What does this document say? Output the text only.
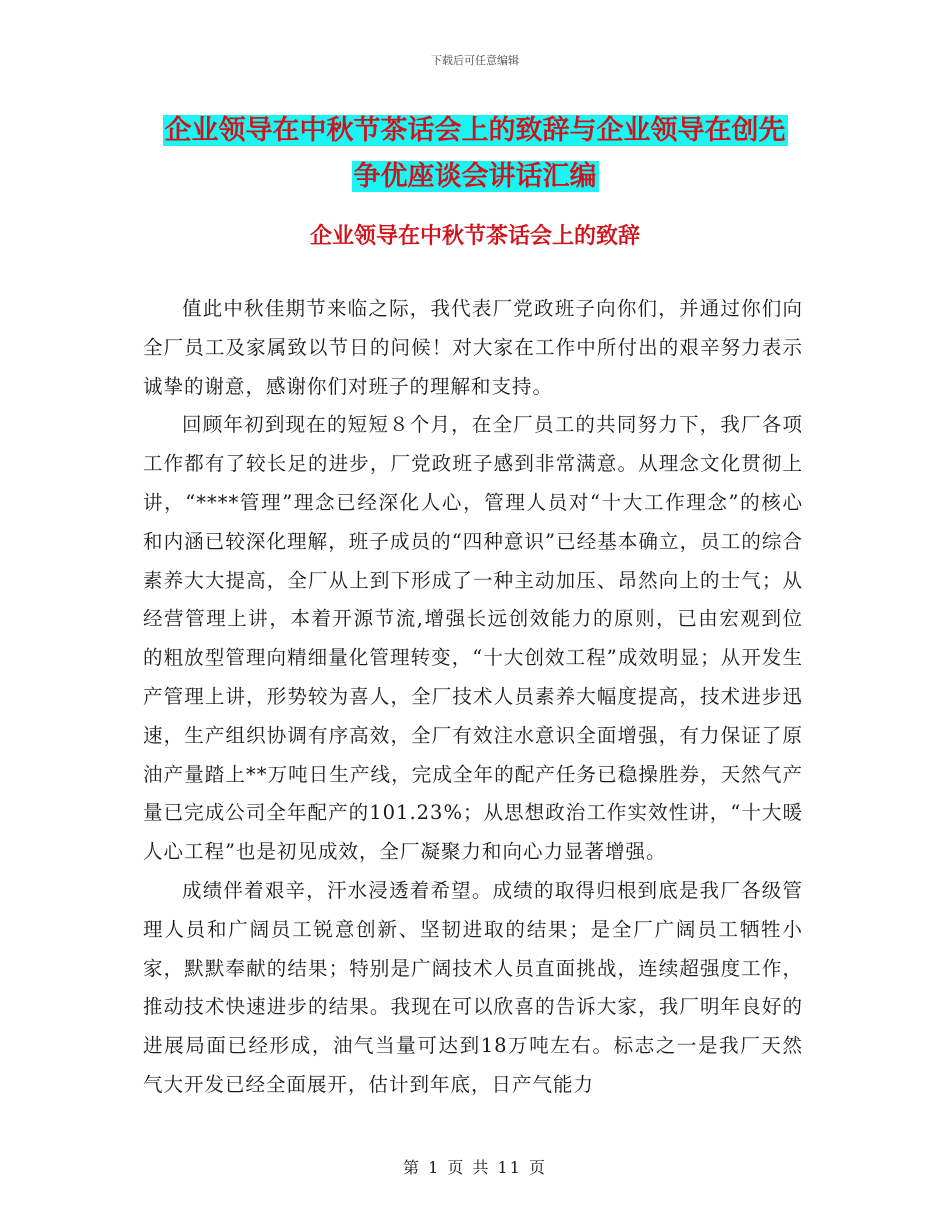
下载后可任意编辑
企业领导在中秋节茶话会上的致辞与企业领导在创先
争优座谈会讲话汇编
企业领导在中秋节茶话会上的致辞

值此中秋佳期节来临之际，我代表厂党政班子向你们，并通过你们向全厂员工及家属致以节日的问候！对大家在工作中所付出的艰辛努力表示诚挚的谢意，感谢你们对班子的理解和支持。

回顾年初到现在的短短８个月，在全厂员工的共同努力下，我厂各项工作都有了较长足的进步，厂党政班子感到非常满意。从理念文化贯彻上讲，“****管理”理念已经深化人心，管理人员对“十大工作理念”的核心和内涵已较深化理解，班子成员的“四种意识”已经基本确立，员工的综合素养大大提高，全厂从上到下形成了一种主动加压、昂然向上的士气；从经营管理上讲，本着开源节流,增强长远创效能力的原则，已由宏观到位的粗放型管理向精细量化管理转变，“十大创效工程”成效明显；从开发生产管理上讲，形势较为喜人，全厂技术人员素养大幅度提高，技术进步迅速，生产组织协调有序高效，全厂有效注水意识全面增强，有力保证了原油产量踏上**万吨日生产线，完成全年的配产任务已稳操胜券，天然气产量已完成公司全年配产的101.23%；从思想政治工作实效性讲，“十大暖人心工程”也是初见成效，全厂凝聚力和向心力显著增强。

成绩伴着艰辛，汗水浸透着希望。成绩的取得归根到底是我厂各级管理人员和广阔员工锐意创新、坚韧进取的结果；是全厂广阔员工牺牲小家，默默奉献的结果；特别是广阔技术人员直面挑战，连续超强度工作，推动技术快速进步的结果。我现在可以欣喜的告诉大家，我厂明年良好的进展局面已经形成，油气当量可达到18万吨左右。标志之一是我厂天然气大开发已经全面展开，估计到年底，日产气能力

第 1 页 共 11 页
